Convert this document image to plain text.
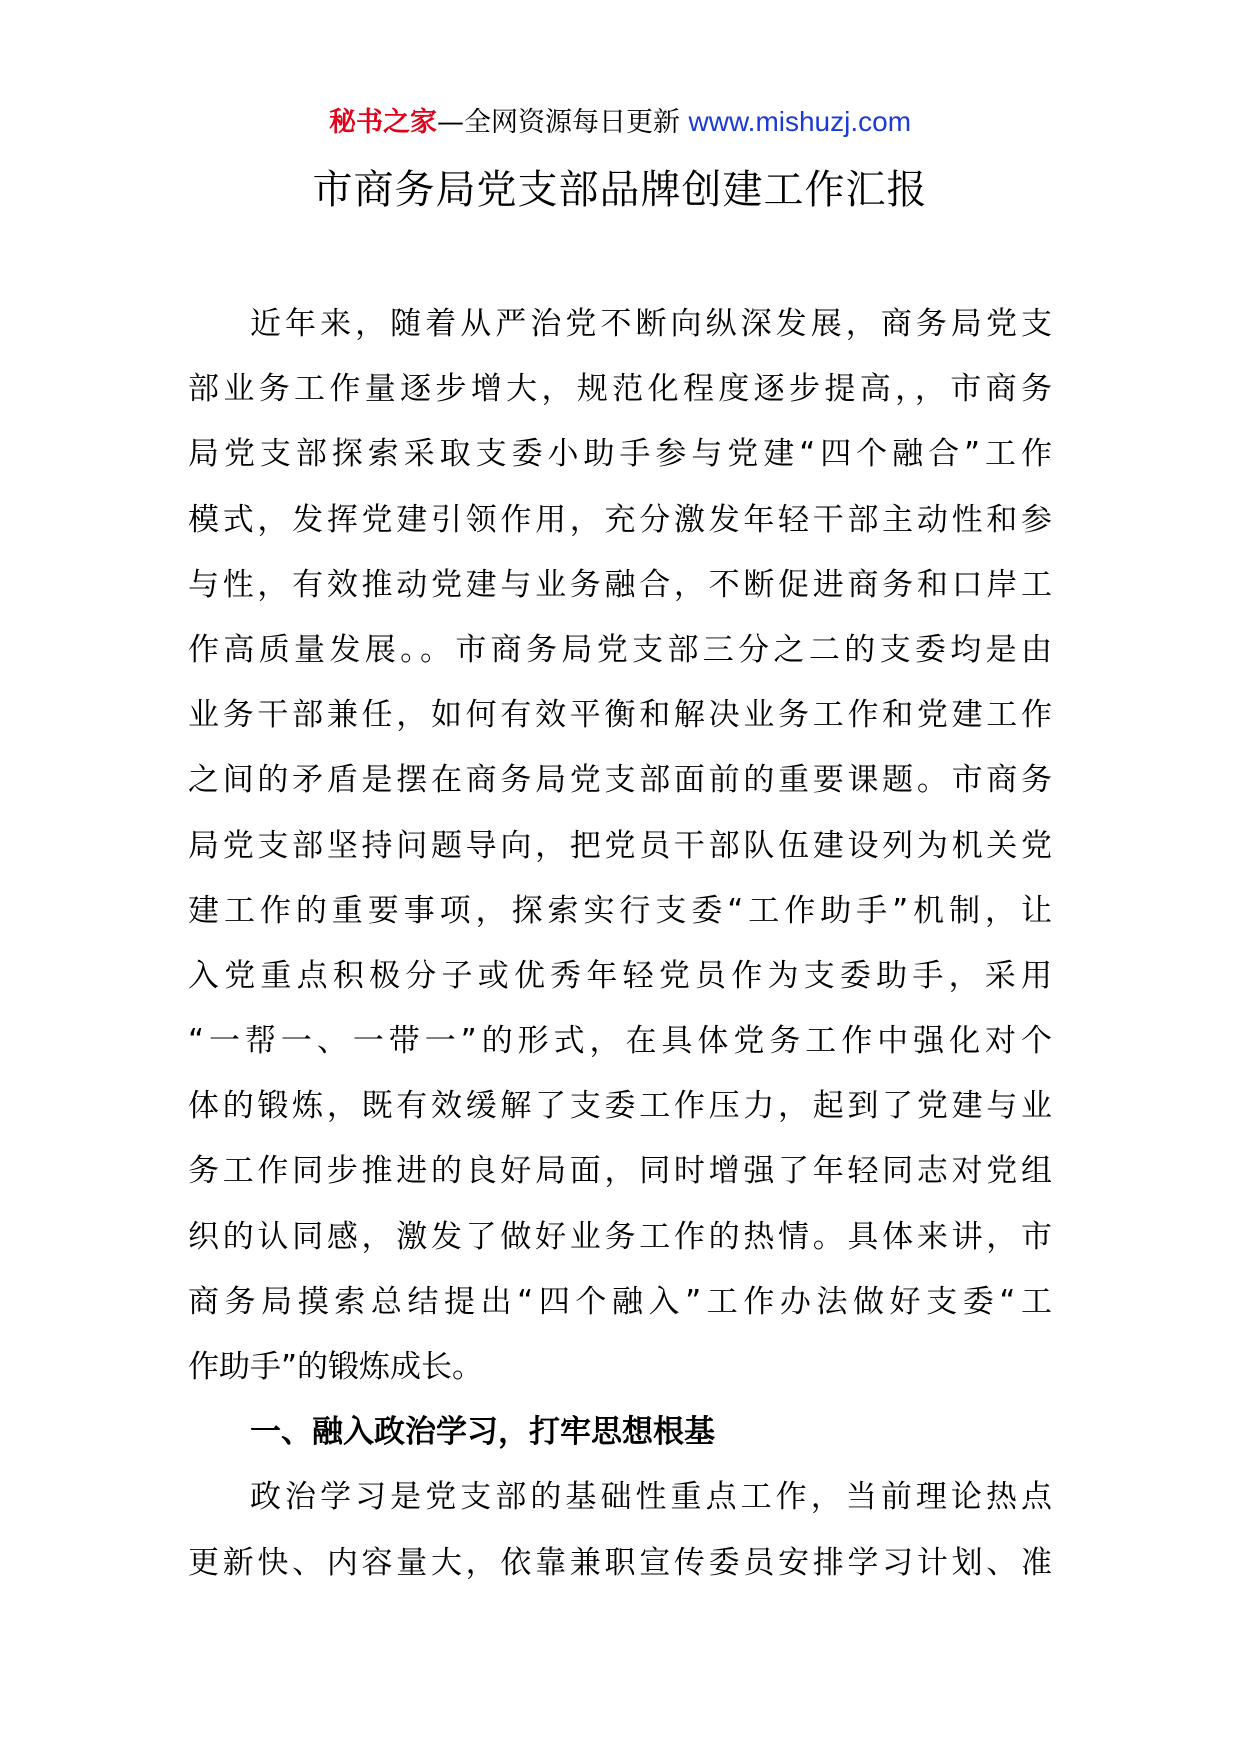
秘书之家—全网资源每日更新 www.mishuzj.com
市商务局党支部品牌创建工作汇报
近年来，随着从严治党不断向纵深发展，商务局党支
部业务工作量逐步增大，规范化程度逐步提高，，市商务
局党支部探索采取支委小助手参与党建“四个融合”工作
模式，发挥党建引领作用，充分激发年轻干部主动性和参
与性，有效推动党建与业务融合，不断促进商务和口岸工
作高质量发展。。市商务局党支部三分之二的支委均是由
业务干部兼任，如何有效平衡和解决业务工作和党建工作
之间的矛盾是摆在商务局党支部面前的重要课题。市商务
局党支部坚持问题导向，把党员干部队伍建设列为机关党
建工作的重要事项，探索实行支委“工作助手”机制，让
入党重点积极分子或优秀年轻党员作为支委助手，采用
“一帮一、一带一”的形式，在具体党务工作中强化对个
体的锻炼，既有效缓解了支委工作压力，起到了党建与业
务工作同步推进的良好局面，同时增强了年轻同志对党组
织的认同感，激发了做好业务工作的热情。具体来讲，市
商务局摸索总结提出“四个融入”工作办法做好支委“工
作助手”的锻炼成长。
一、融入政治学习，打牢思想根基
政治学习是党支部的基础性重点工作，当前理论热点
更新快、内容量大，依靠兼职宣传委员安排学习计划、准
